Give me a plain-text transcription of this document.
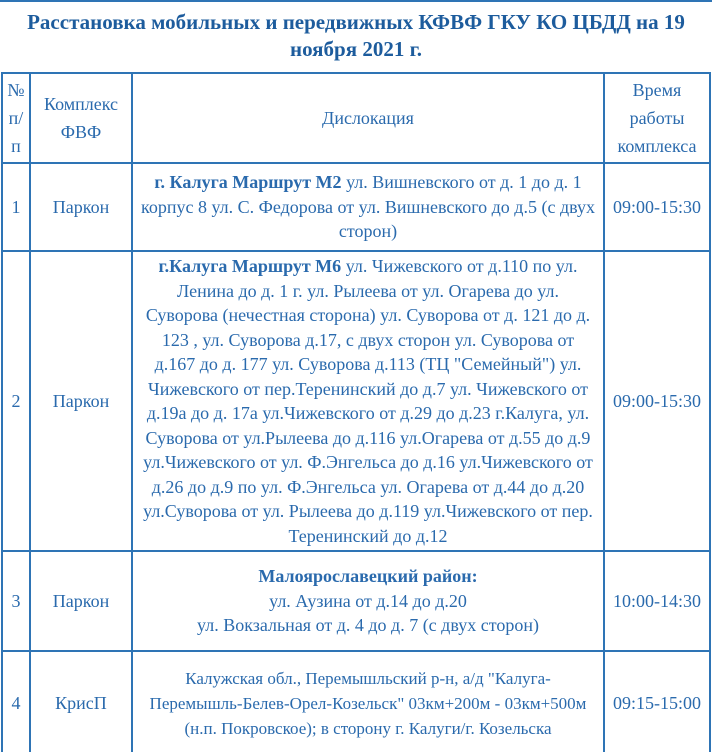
Расстановка мобильных и передвижных КФВФ ГКУ КО ЦБДД на 19 ноября 2021 г.
№ п/п	Комплекс ФВФ	Дислокация	Время работы комплекса
1	Паркон	г. Калуга Маршрут М2 ул. Вишневского от д. 1 до д. 1 корпус 8 ул. С. Федорова от ул. Вишневского до д.5 (с двух сторон)	09:00-15:30
2	Паркон	г.Калуга Маршрут М6 ул. Чижевского от д.110 по ул. Ленина до д. 1 г. ул. Рылеева от ул. Огарева до ул. Суворова (нечестная сторона) ул. Суворова от д. 121 до д. 123 , ул. Суворова д.17, с двух сторон ул. Суворова от д.167 до д. 177 ул. Суворова д.113 (ТЦ "Семейный") ул. Чижевского от пер.Теренинский до д.7 ул. Чижевского от д.19а до д. 17а ул.Чижевского от д.29 до д.23 г.Калуга, ул. Суворова от ул.Рылеева до д.116 ул.Огарева от д.55 до д.9 ул.Чижевского от ул. Ф.Энгельса до д.16 ул.Чижевского от д.26 до д.9 по ул. Ф.Энгельса ул. Огарева от д.44 до д.20 ул.Суворова от ул. Рылеева до д.119 ул.Чижевского от пер. Теренинский до д.12	09:00-15:30
3	Паркон	Малоярославецкий район:
ул. Аузина от д.14 до д.20
ул. Вокзальная от д. 4 до д. 7 (с двух сторон)	10:00-14:30
4	КрисП	Калужская обл., Перемышльский р-н, а/д "Калуга-Перемышль-Белев-Орел-Козельск" 03км+200м - 03км+500м (н.п. Покровское); в сторону г. Калуги/г. Козельска	09:15-15:00
